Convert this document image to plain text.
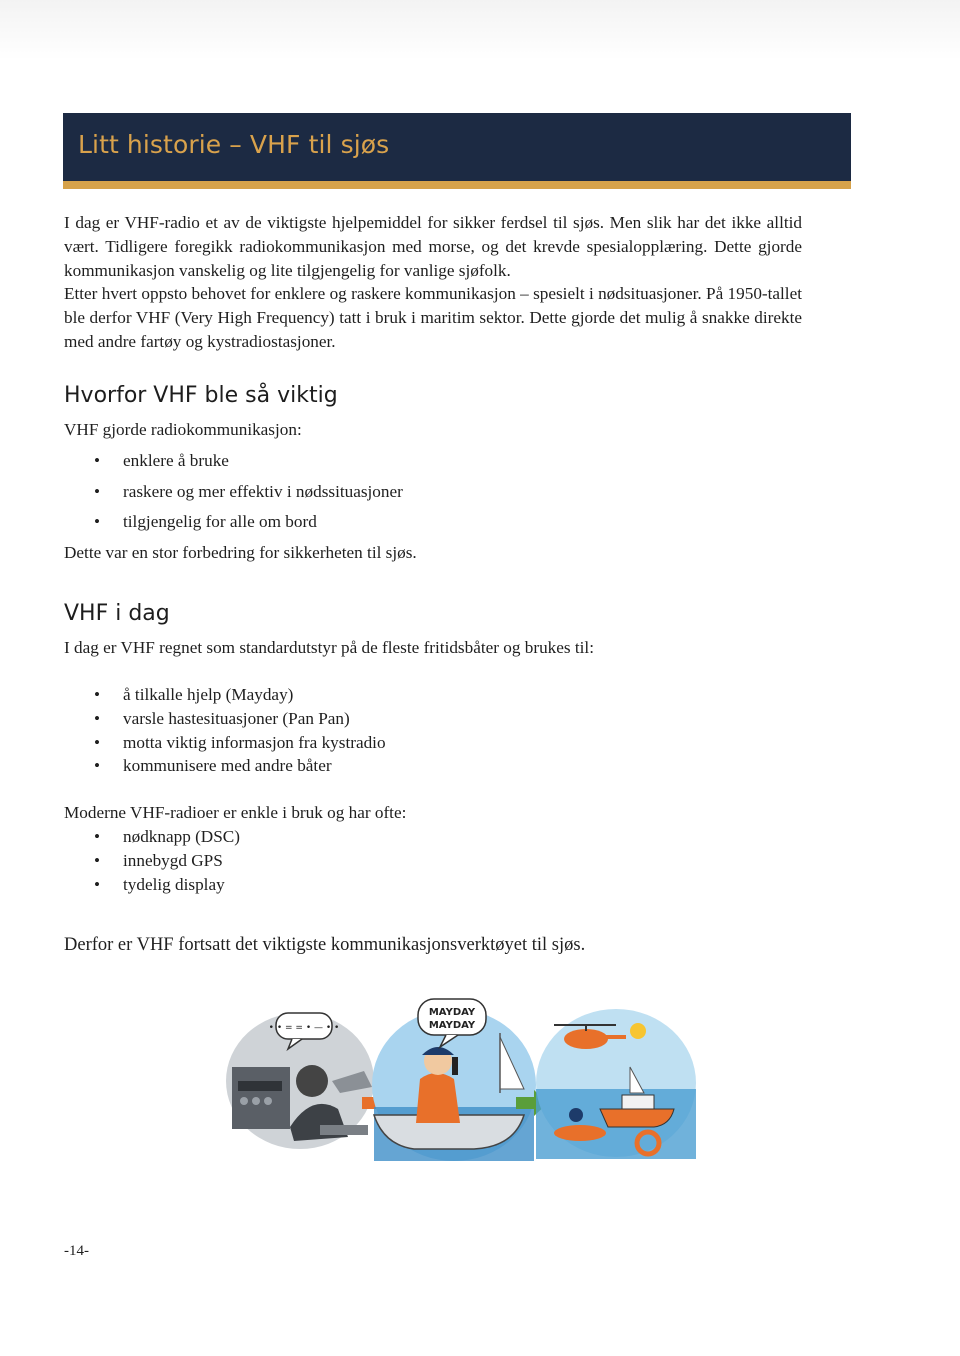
Litt historie – VHF til sjøs

I dag er VHF-radio et av de viktigste hjelpemiddel for sikker ferdsel til sjøs. Men slik har det ikke alltid vært. Tidligere foregikk radiokommunikasjon med morse, og det krevde spesialopplæring. Dette gjorde kommunikasjon vanskelig og lite tilgjengelig for vanlige sjøfolk.

Etter hvert oppsto behovet for enklere og raskere kommunikasjon – spesielt i nødsituasjoner. På 1950-tallet ble derfor VHF (Very High Frequency) tatt i bruk i maritim sektor. Dette gjorde det mulig å snakke direkte med andre fartøy og kystradiostasjoner.

Hvorfor VHF ble så viktig

VHF gjorde radiokommunikasjon:

• enklere å bruke
• raskere og mer effektiv i nødssituasjoner
• tilgjengelig for alle om bord

Dette var en stor forbedring for sikkerheten til sjøs.

VHF i dag

I dag er VHF regnet som standardutstyr på de fleste fritidsbåter og brukes til:

• å tilkalle hjelp (Mayday)
• varsle hastesituasjoner (Pan Pan)
• motta viktig informasjon fra kystradio
• kommunisere med andre båter

Moderne VHF-radioer er enkle i bruk og har ofte:

• nødknapp (DSC)
• innebygd GPS
• tydelig display

Derfor er VHF fortsatt det viktigste kommunikasjonsverktøyet til sjøs.

• • = = • — • •
MAYDAY
MAYDAY

-14-
